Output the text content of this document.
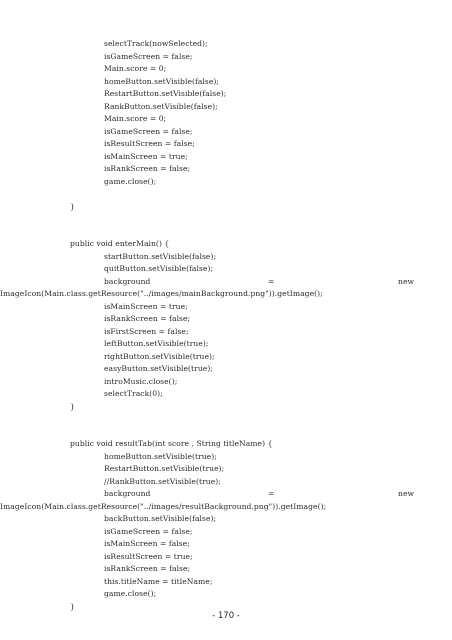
selectTrack(nowSelected);
isGameScreen = false;
Main.score = 0;
homeButton.setVisible(false);
RestartButton.setVisible(false);
RankButton.setVisible(false);
Main.score = 0;
isGameScreen = false;
isResultScreen = false;
isMainScreen = true;
isRankScreen = false;
game.close();
}
public void enterMain() {
startButton.setVisible(false);
quitButton.setVisible(false);

background

	=

	new

ImageIcon(Main.class.getResource("../images/mainBackground.png")).getImage();
isMainScreen = true;
isRankScreen = false;
isFirstScreen = false;
leftButton.setVisible(true);
rightButton.setVisible(true);
easyButton.setVisible(true);
introMusic.close();
selectTrack(0);
}
public void resultTab(int score , String titleName) {
homeButton.setVisible(true);
RestartButton.setVisible(true);
//RankButton.setVisible(true);

background

	=

	new

ImageIcon(Main.class.getResource("../images/resultBackground.png")).getImage();
backButton.setVisible(false);
isGameScreen = false;
isMainScreen = false;
isResultScreen = true;
isRankScreen = false;
this.titleName = titleName;
game.close();
}
- 170 -
